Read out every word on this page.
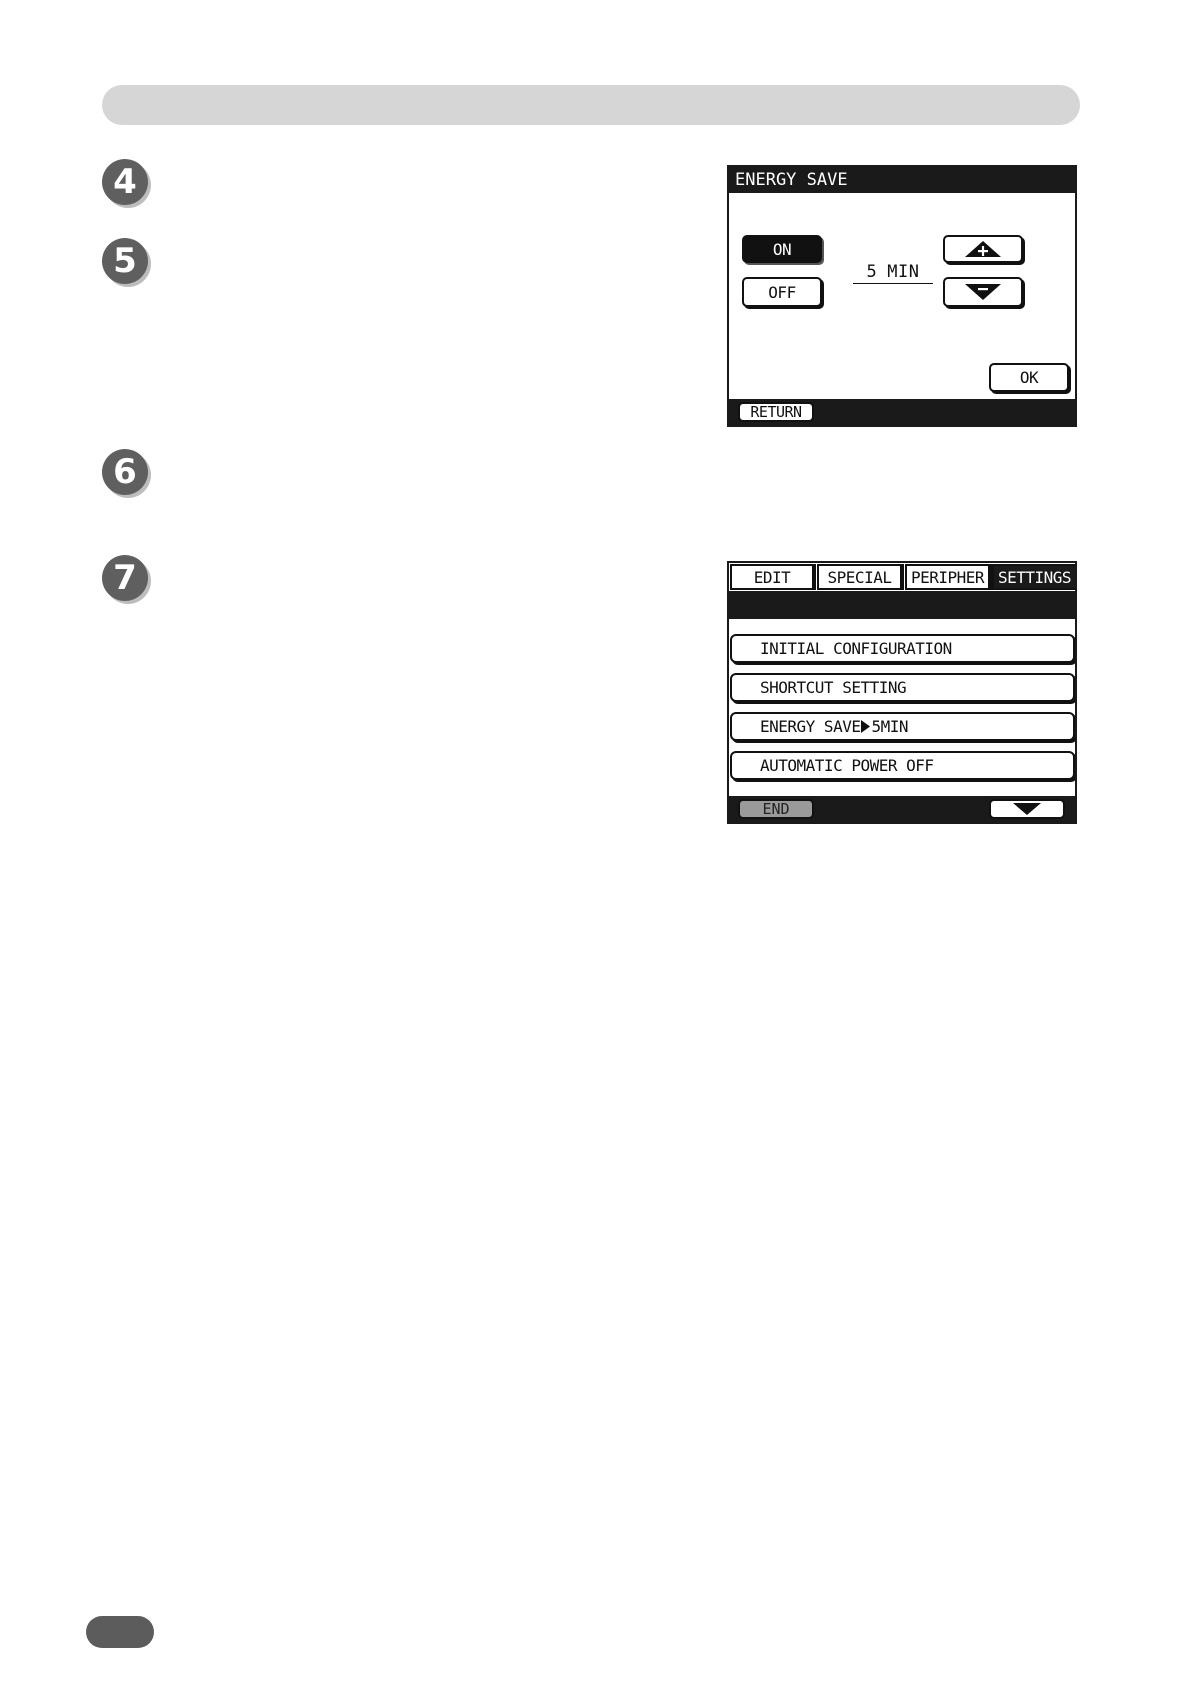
4
5
6
7
ENERGY SAVE
ON
OFF
5 MIN
OK
RETURN
EDIT	SPECIAL	PERIPHER SETTINGS
INITIAL CONFIGURATION
SHORTCUT SETTING
ENERGY SAVE 5MIN
AUTOMATIC POWER OFF
END
